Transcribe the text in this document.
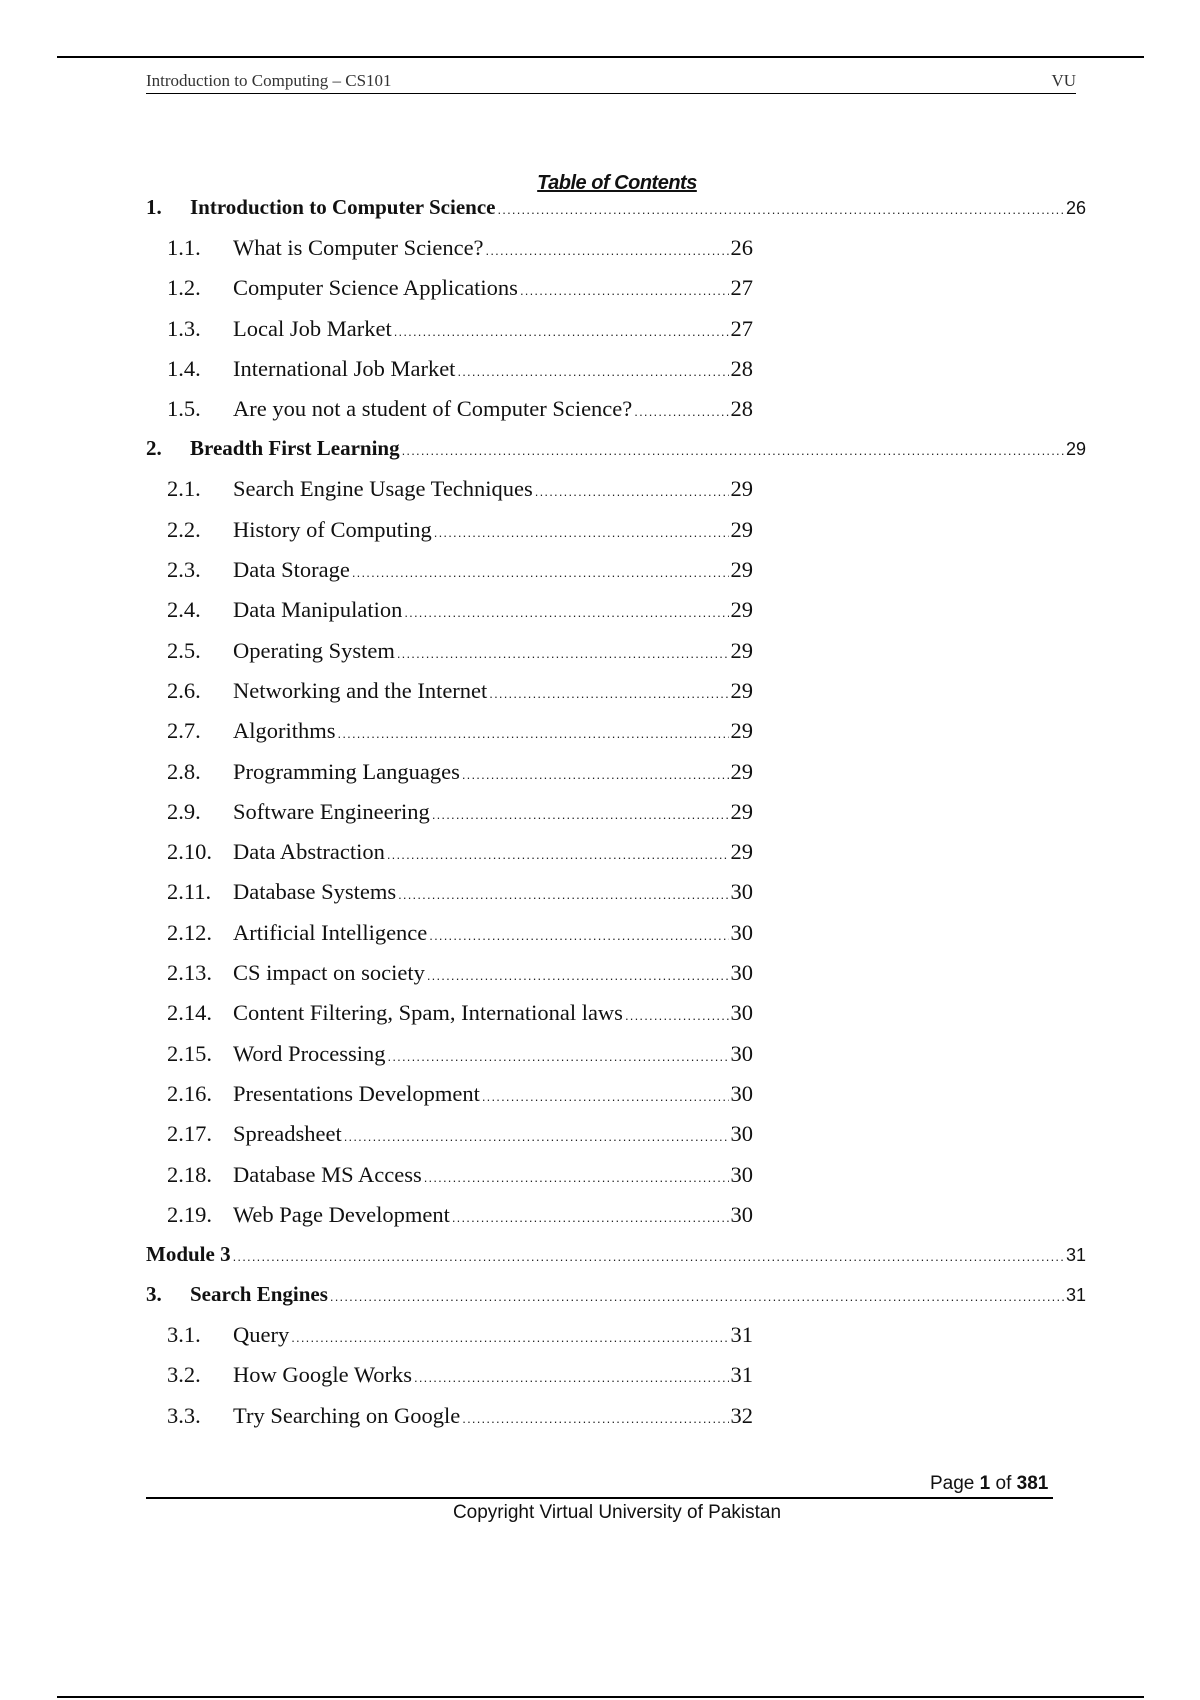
Introduction to Computing – CS101	VU
Table of Contents
1.	Introduction to Computer Science .....	26
1.1.	What is Computer Science? .....	26
1.2.	Computer Science Applications .....	27
1.3.	Local Job Market .....	27
1.4.	International Job Market .....	28
1.5.	Are you not a student of Computer Science? .....	28
2.	Breadth First Learning .....	29
2.1.	Search Engine Usage Techniques .....	29
2.2.	History of Computing .....	29
2.3.	Data Storage .....	29
2.4.	Data Manipulation .....	29
2.5.	Operating System .....	29
2.6.	Networking and the Internet .....	29
2.7.	Algorithms .....	29
2.8.	Programming Languages .....	29
2.9.	Software Engineering .....	29
2.10. Data Abstraction .....	29
2.11. Database Systems .....	30
2.12. Artificial Intelligence .....	30
2.13. CS impact on society .....	30
2.14. Content Filtering, Spam, International laws .....	30
2.15. Word Processing .....	30
2.16. Presentations Development .....	30
2.17. Spreadsheet .....	30
2.18. Database MS Access .....	30
2.19. Web Page Development .....	30
Module 3 .....	31
3.	Search Engines .....	31
3.1.	Query .....	31
3.2.	How Google Works .....	31
3.3.	Try Searching on Google .....	32
Page 1 of 381
Copyright Virtual University of Pakistan
